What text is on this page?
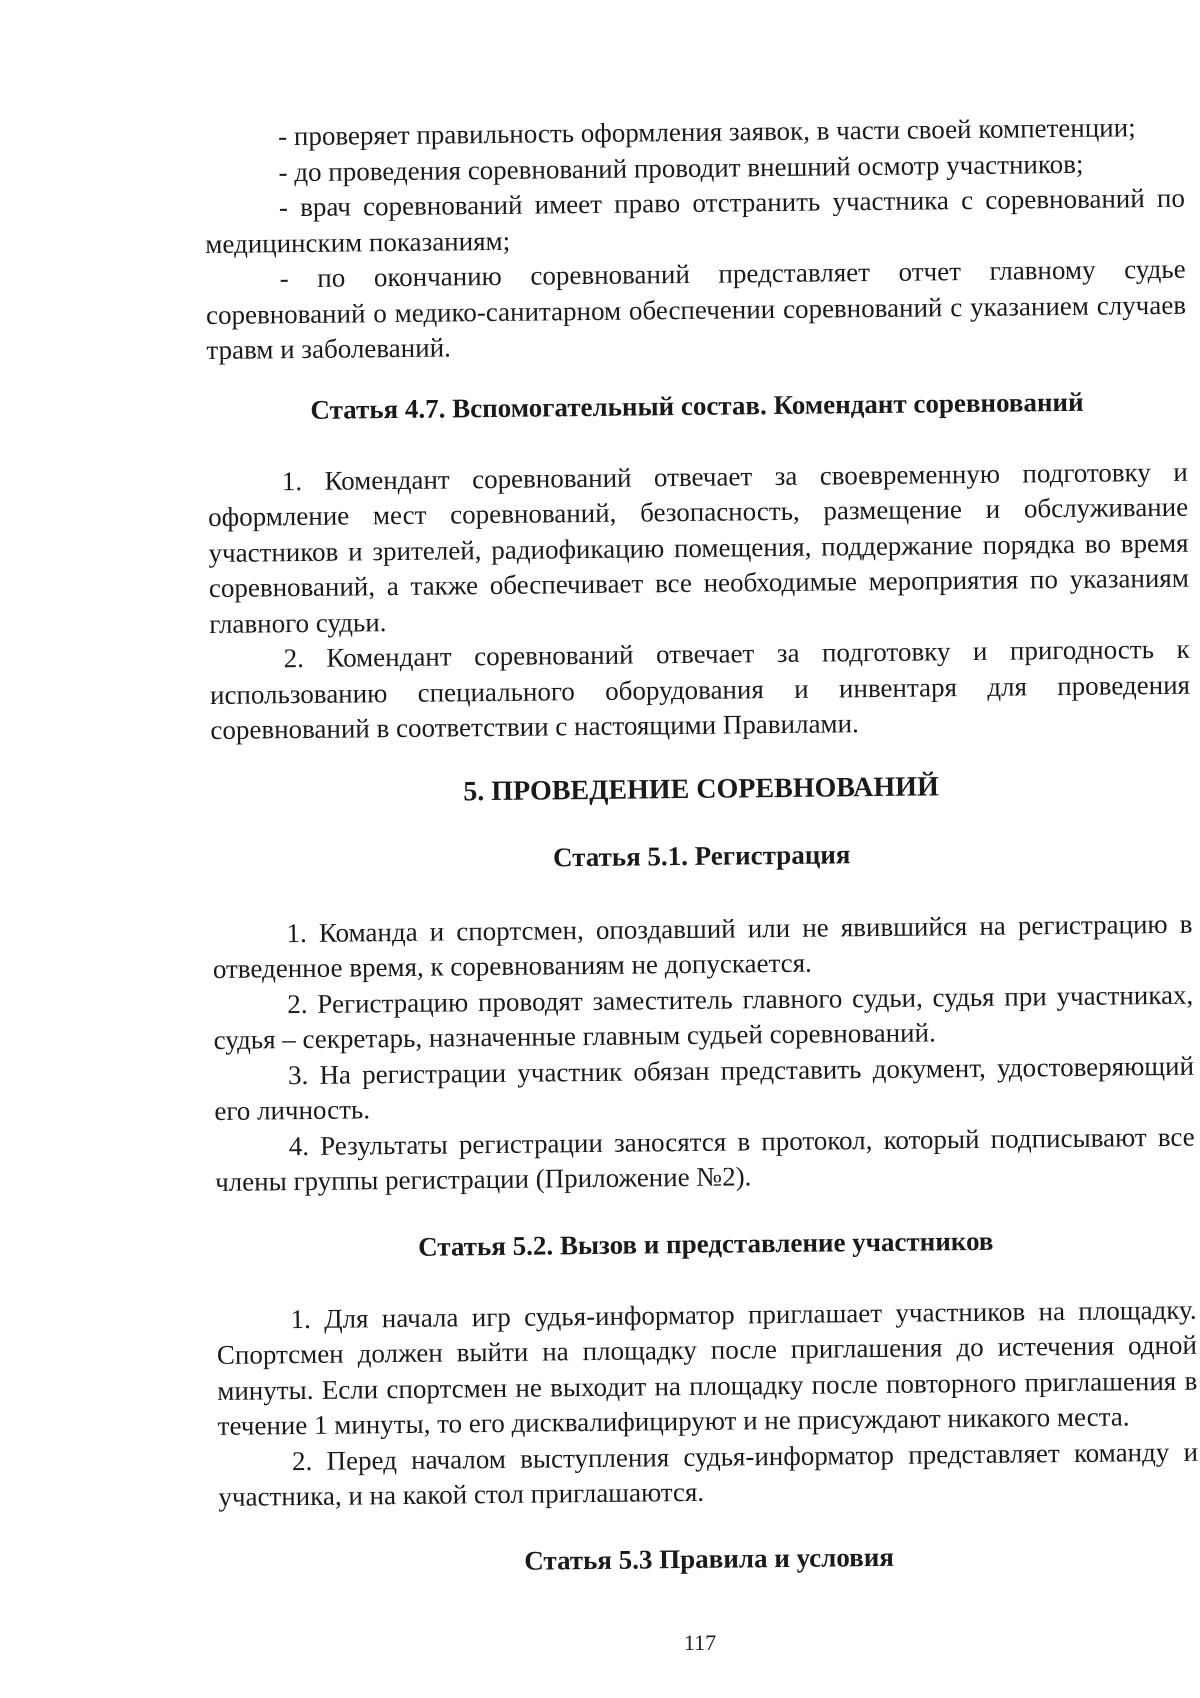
- проверяет правильность оформления заявок, в части своей компетенции;

- до проведения соревнований проводит внешний осмотр участников;

- врач соревнований имеет право отстранить участника с соревнований по медицинским показаниям;

- по окончанию соревнований представляет отчет главному судье соревнований о медико-санитарном обеспечении соревнований с указанием случаев травм и заболеваний.

Статья 4.7. Вспомогательный состав. Комендант соревнований

1. Комендант соревнований отвечает за своевременную подготовку и оформление мест соревнований, безопасность, размещение и обслуживание участников и зрителей, радиофикацию помещения, поддержание порядка во время соревнований, а также обеспечивает все необходимые мероприятия по указаниям главного судьи.

2. Комендант соревнований отвечает за подготовку и пригодность к использованию специального оборудования и инвентаря для проведения соревнований в соответствии с настоящими Правилами.

5. ПРОВЕДЕНИЕ СОРЕВНОВАНИЙ
Статья 5.1. Регистрация

1. Команда и спортсмен, опоздавший или не явившийся на регистрацию в отведенное время, к соревнованиям не допускается.

2. Регистрацию проводят заместитель главного судьи, судья при участниках, судья – секретарь, назначенные главным судьей соревнований.

3. На регистрации участник обязан представить документ, удостоверяющий его личность.

4. Результаты регистрации заносятся в протокол, который подписывают все члены группы регистрации (Приложение №2).

Статья 5.2. Вызов и представление участников

1. Для начала игр судья-информатор приглашает участников на площадку. Спортсмен должен выйти на площадку после приглашения до истечения одной минуты. Если спортсмен не выходит на площадку после повторного приглашения в течение 1 минуты, то его дисквалифицируют и не присуждают никакого места.

2. Перед началом выступления судья-информатор представляет команду и участника, и на какой стол приглашаются.

Статья 5.3 Правила и условия
117
